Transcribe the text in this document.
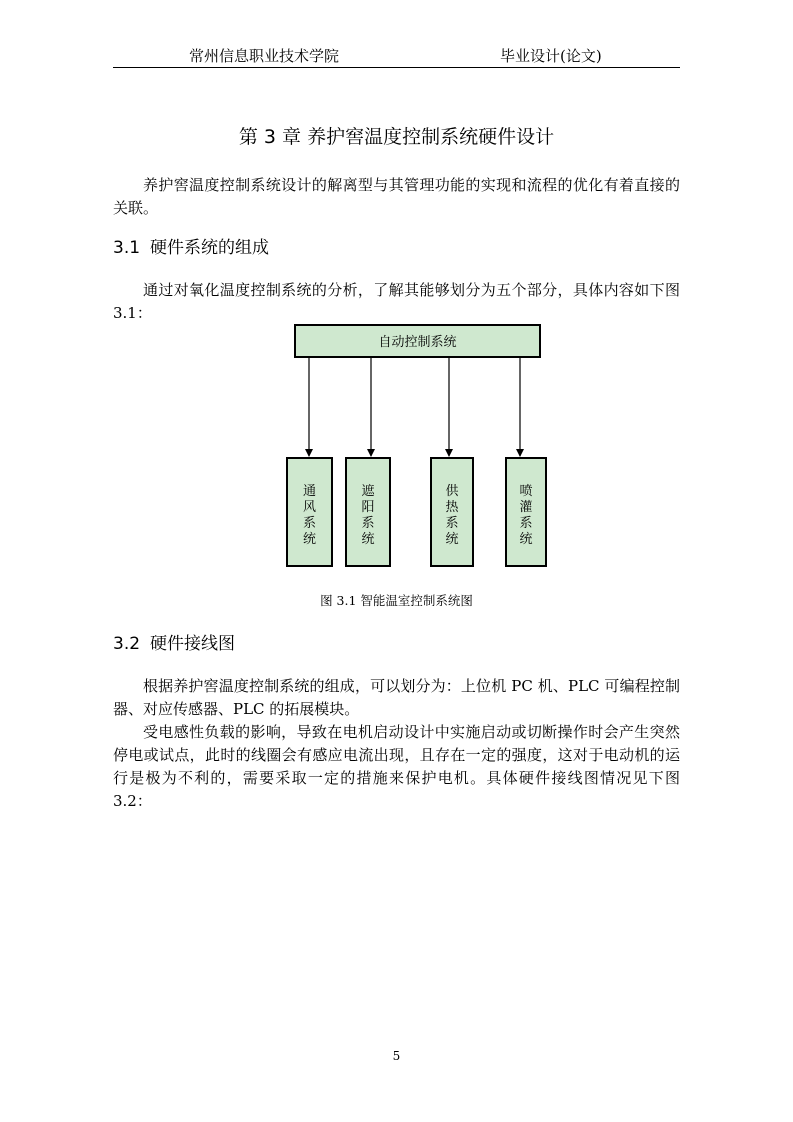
常州信息职业技术学院	毕业设计(论文)
第 3 章 养护窖温度控制系统硬件设计

养护窖温度控制系统设计的解离型与其管理功能的实现和流程的优化有着直接的关联。

3.1 硬件系统的组成

通过对氧化温度控制系统的分析，了解其能够划分为五个部分，具体内容如下图 3.1：

自动控制系统
通风系统
遮阳系统
供热系统
喷灌系统
图 3.1 智能温室控制系统图
3.2 硬件接线图

根据养护窖温度控制系统的组成，可以划分为：上位机 PC 机、PLC 可编程控制器、对应传感器、PLC 的拓展模块。

受电感性负载的影响，导致在电机启动设计中实施启动或切断操作时会产生突然停电或试点，此时的线圈会有感应电流出现，且存在一定的强度，这对于电动机的运行是极为不利的，需要采取一定的措施来保护电机。具体硬件接线图情况见下图 3.2：

5
